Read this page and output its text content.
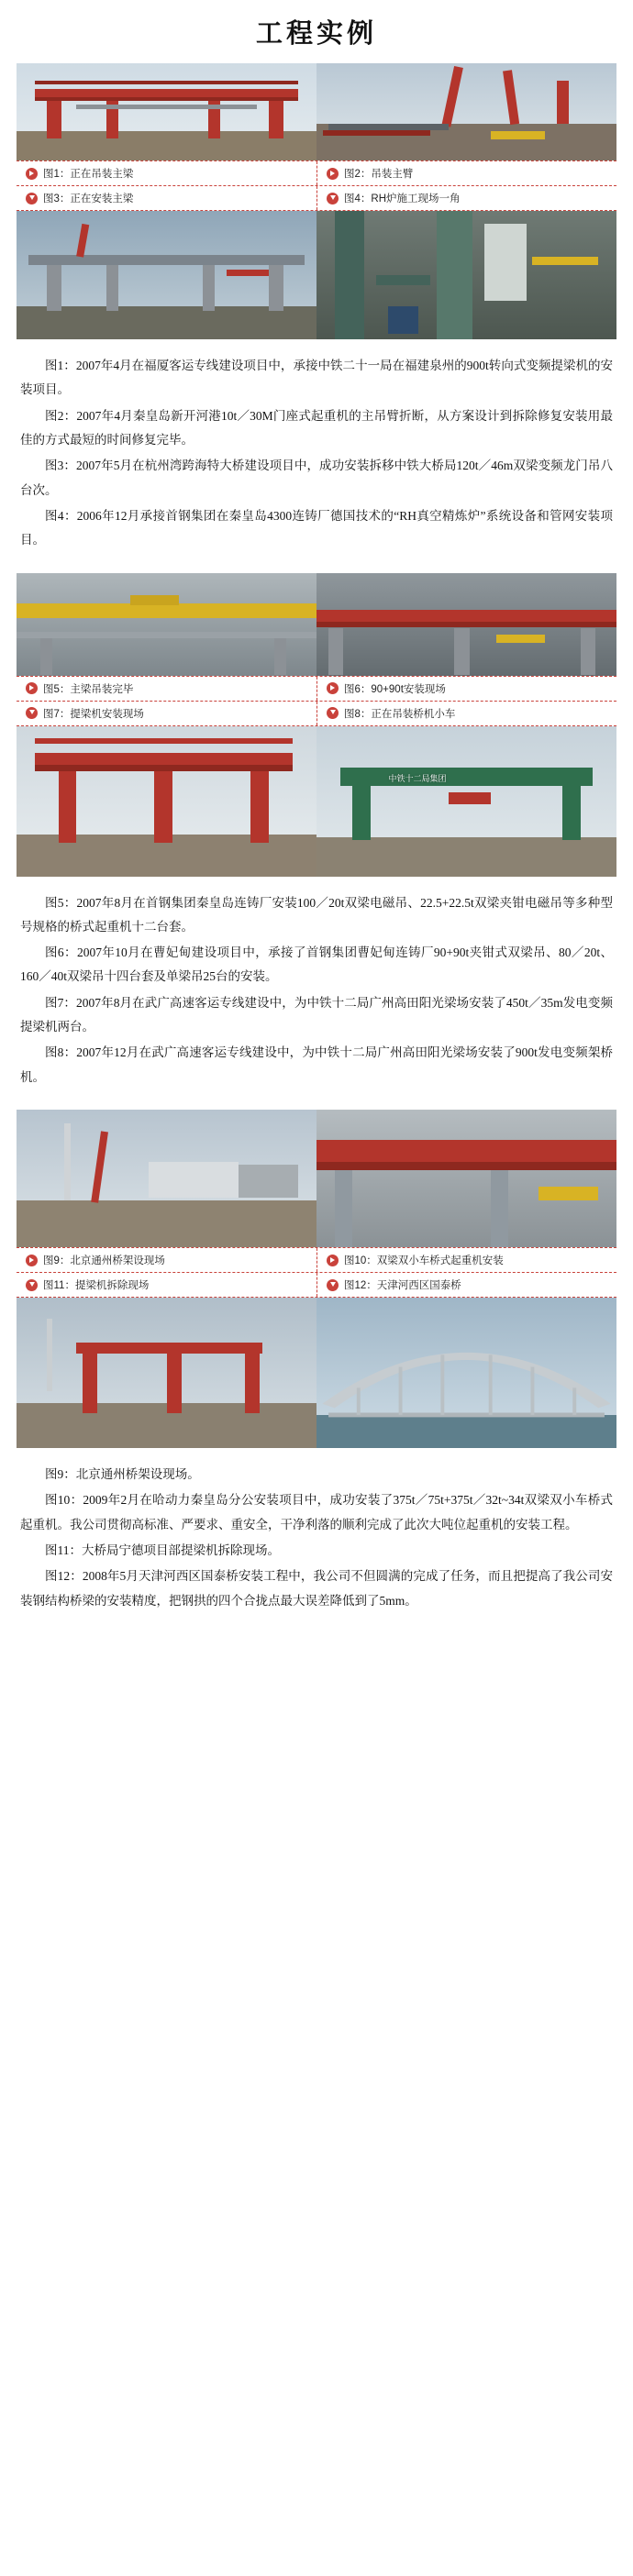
工程实例
图1：正在吊装主梁	图2：吊装主臂
图3：正在安装主梁	图4：RH炉施工现场一角

图1：2007年4月在福厦客运专线建设项目中，承接中铁二十一局在福建泉州的900t转向式变频提梁机的安装项目。

图2：2007年4月秦皇岛新开河港10t／30M门座式起重机的主吊臂折断，从方案设计到拆除修复安装用最佳的方式最短的时间修复完毕。

图3：2007年5月在杭州湾跨海特大桥建设项目中，成功安装拆移中铁大桥局120t／46m双梁变频龙门吊八台次。

图4：2006年12月承接首钢集团在秦皇岛4300连铸厂德国技术的“RH真空精炼炉”系统设备和管网安装项目。

图5：主梁吊装完毕	图6：90+90t安装现场
图7：提梁机安装现场	图8：正在吊装桥机小车
中铁十二局集团

图5：2007年8月在首钢集团秦皇岛连铸厂安装100／20t双梁电磁吊、22.5+22.5t双梁夹钳电磁吊等多种型号规格的桥式起重机十二台套。

图6：2007年10月在曹妃甸建设项目中，承接了首钢集团曹妃甸连铸厂90+90t夹钳式双梁吊、80／20t、160／40t双梁吊十四台套及单梁吊25台的安装。

图7：2007年8月在武广高速客运专线建设中，为中铁十二局广州高田阳光梁场安装了450t／35m发电变频提梁机两台。

图8：2007年12月在武广高速客运专线建设中，为中铁十二局广州高田阳光梁场安装了900t发电变频架桥机。

图9：北京通州桥架设现场	图10：双梁双小车桥式起重机安装
图11：提梁机拆除现场	图12：天津河西区国泰桥

图9：北京通州桥架设现场。

图10：2009年2月在哈动力秦皇岛分公安装项目中，成功安装了375t／75t+375t／32t~34t双梁双小车桥式起重机。我公司贯彻高标准、严要求、重安全，干净利落的顺利完成了此次大吨位起重机的安装工程。

图11：大桥局宁德项目部提梁机拆除现场。

图12：2008年5月天津河西区国泰桥安装工程中，我公司不但圆满的完成了任务，而且把提高了我公司安装钢结构桥梁的安装精度，把钢拱的四个合拢点最大误差降低到了5mm。
